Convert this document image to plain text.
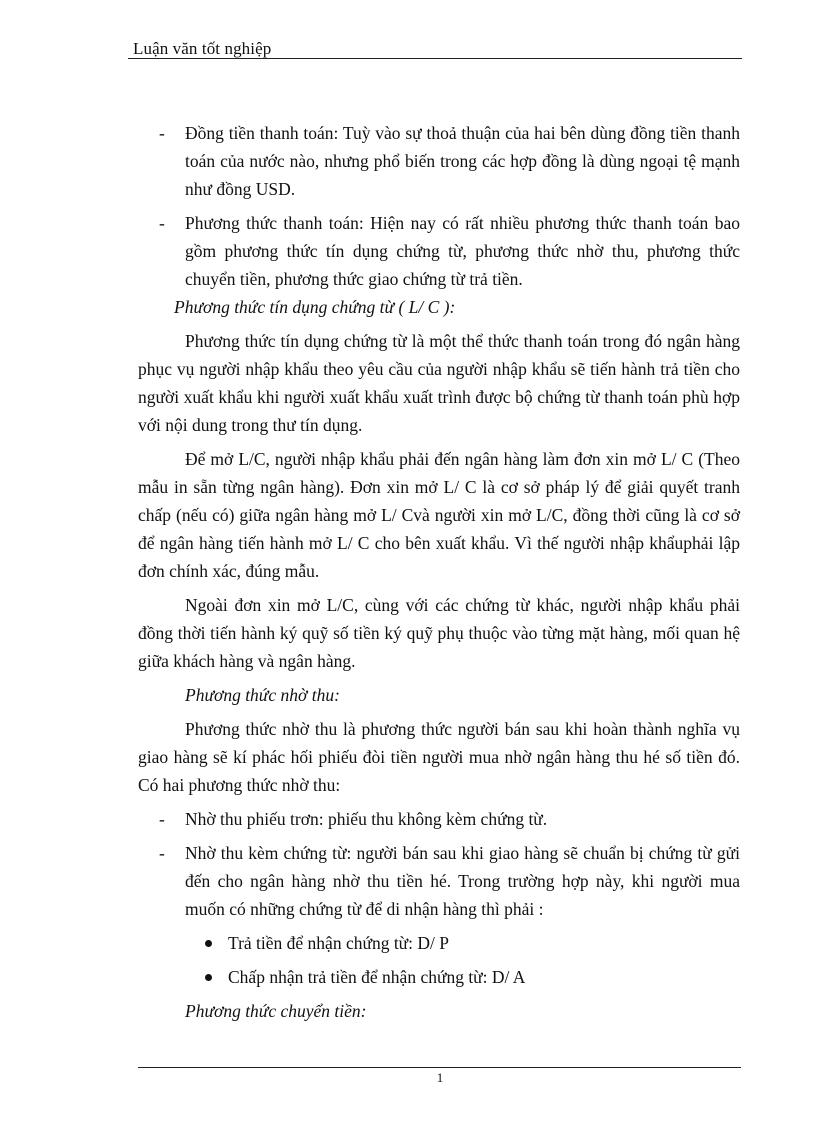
Luận văn tốt nghiệp
- Đồng tiền thanh toán: Tuỳ vào sự thoả thuận của hai bên dùng đồng tiền thanh toán của nước nào, nhưng phổ biến trong các hợp đồng là dùng ngoại tệ mạnh như đồng USD.
- Phương thức thanh toán: Hiện nay có rất nhiều phương thức thanh toán bao gồm phương thức tín dụng chứng từ, phương thức nhờ thu, phương thức chuyển tiền, phương thức giao chứng từ trả tiền.
Phương thức tín dụng chứng từ ( L/ C ):
Phương thức tín dụng chứng từ là một thể thức thanh toán trong đó ngân hàng phục vụ người nhập khẩu theo yêu cầu của người nhập khẩu sẽ tiến hành trả tiền cho người xuất khẩu khi người xuất khẩu xuất trình được bộ chứng từ thanh toán phù hợp với nội dung trong thư tín dụng.
Để mở L/C, người nhập khẩu phải đến ngân hàng làm đơn xin mở L/ C (Theo mẫu in sẵn từng ngân hàng). Đơn xin mở L/ C là cơ sở pháp lý để giải quyết tranh chấp (nếu có) giữa ngân hàng mở L/ Cvà người xin mở L/C, đồng thời cũng là cơ sở để ngân hàng tiến hành mở L/ C cho bên xuất khẩu. Vì thế người nhập khẩuphải lập đơn chính xác, đúng mẫu.
Ngoài đơn xin mở L/C, cùng với các chứng từ khác, người nhập khẩu phải đồng thời tiến hành ký quỹ số tiền ký quỹ phụ thuộc vào từng mặt hàng, mối quan hệ giữa khách hàng và ngân hàng.
Phương thức nhờ thu:
Phương thức nhờ thu là phương thức người bán sau khi hoàn thành nghĩa vụ giao hàng sẽ kí phác hối phiếu đòi tiền người mua nhờ ngân hàng thu hé số tiền đó. Có hai phương thức nhờ thu:
- Nhờ thu phiếu trơn: phiếu thu không kèm chứng từ.
- Nhờ thu kèm chứng từ: người bán sau khi giao hàng sẽ chuẩn bị chứng từ gửi đến cho ngân hàng nhờ thu tiền hé. Trong trường hợp này, khi người mua muốn có những chứng từ để di nhận hàng thì phải :
Trả tiền để nhận chứng từ: D/ P
Chấp nhận trả tiền để nhận chứng từ: D/ A
Phương thức chuyển tiền:
1
